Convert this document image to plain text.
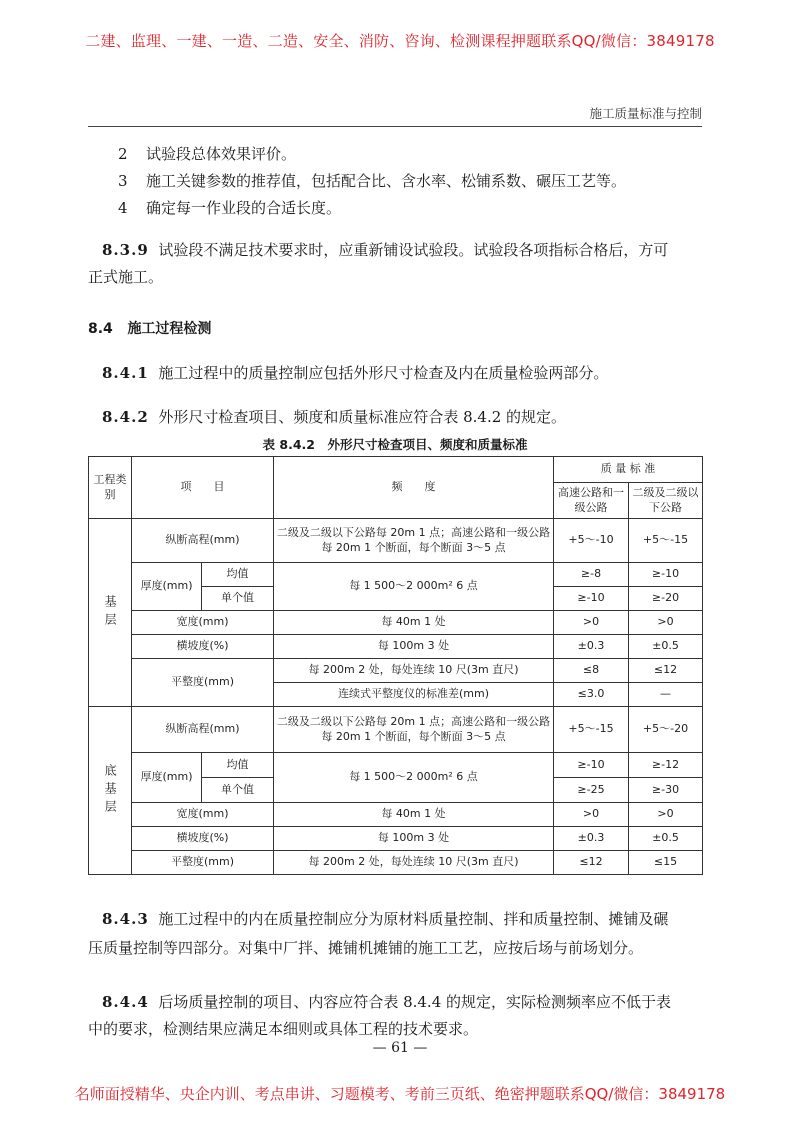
二建、监理、一建、一造、二造、安全、消防、咨询、检测课程押题联系QQ/微信：3849178
施工质量标准与控制
2 试验段总体效果评价。
3 施工关键参数的推荐值，包括配合比、含水率、松铺系数、碾压工艺等。
4 确定每一作业段的合适长度。
8.3.9 试验段不满足技术要求时，应重新铺设试验段。试验段各项指标合格后，方可
正式施工。
8.4 施工过程检测
8.4.1 施工过程中的质量控制应包括外形尺寸检查及内在质量检验两部分。
8.4.2 外形尺寸检查项目、频度和质量标准应符合表 8.4.2 的规定。
表 8.4.2　外形尺寸检查项目、频度和质量标准
工程类别	项　　目		频　　度	质 量 标 准	
				高速公路和一级公路	二级及二级以下公路

基层	纵断高程(mm)		二级及二级以下公路每 20m 1 点；高速公路和一级公路每 20m 1 个断面，每个断面 3～5 点	+5～-10	+5～-15
	厚度(mm)	均值	每 1 500～2 000m² 6 点	≥-8	≥-10
		单个值		≥-10	≥-20
	宽度(mm)		每 40m 1 处	>0	>0
	横坡度(%)		每 100m 3 处	±0.3	±0.5
	平整度(mm)		每 200m 2 处，每处连续 10 尺(3m 直尺)	≤8	≤12
			连续式平整度仪的标准差(mm)	≤3.0	—

底基层	纵断高程(mm)		二级及二级以下公路每 20m 1 点；高速公路和一级公路每 20m 1 个断面，每个断面 3～5 点	+5～-15	+5～-20
	厚度(mm)	均值	每 1 500～2 000m² 6 点	≥-10	≥-12
		单个值		≥-25	≥-30
	宽度(mm)		每 40m 1 处	>0	>0
	横坡度(%)		每 100m 3 处	±0.3	±0.5
	平整度(mm)		每 200m 2 处，每处连续 10 尺(3m 直尺)	≤12	≤15
8.4.3 施工过程中的内在质量控制应分为原材料质量控制、拌和质量控制、摊铺及碾
压质量控制等四部分。对集中厂拌、摊铺机摊铺的施工工艺，应按后场与前场划分。
8.4.4 后场质量控制的项目、内容应符合表 8.4.4 的规定，实际检测频率应不低于表
中的要求，检测结果应满足本细则或具体工程的技术要求。
— 61 —
名师面授精华、央企内训、考点串讲、习题模考、考前三页纸、绝密押题联系QQ/微信：3849178
